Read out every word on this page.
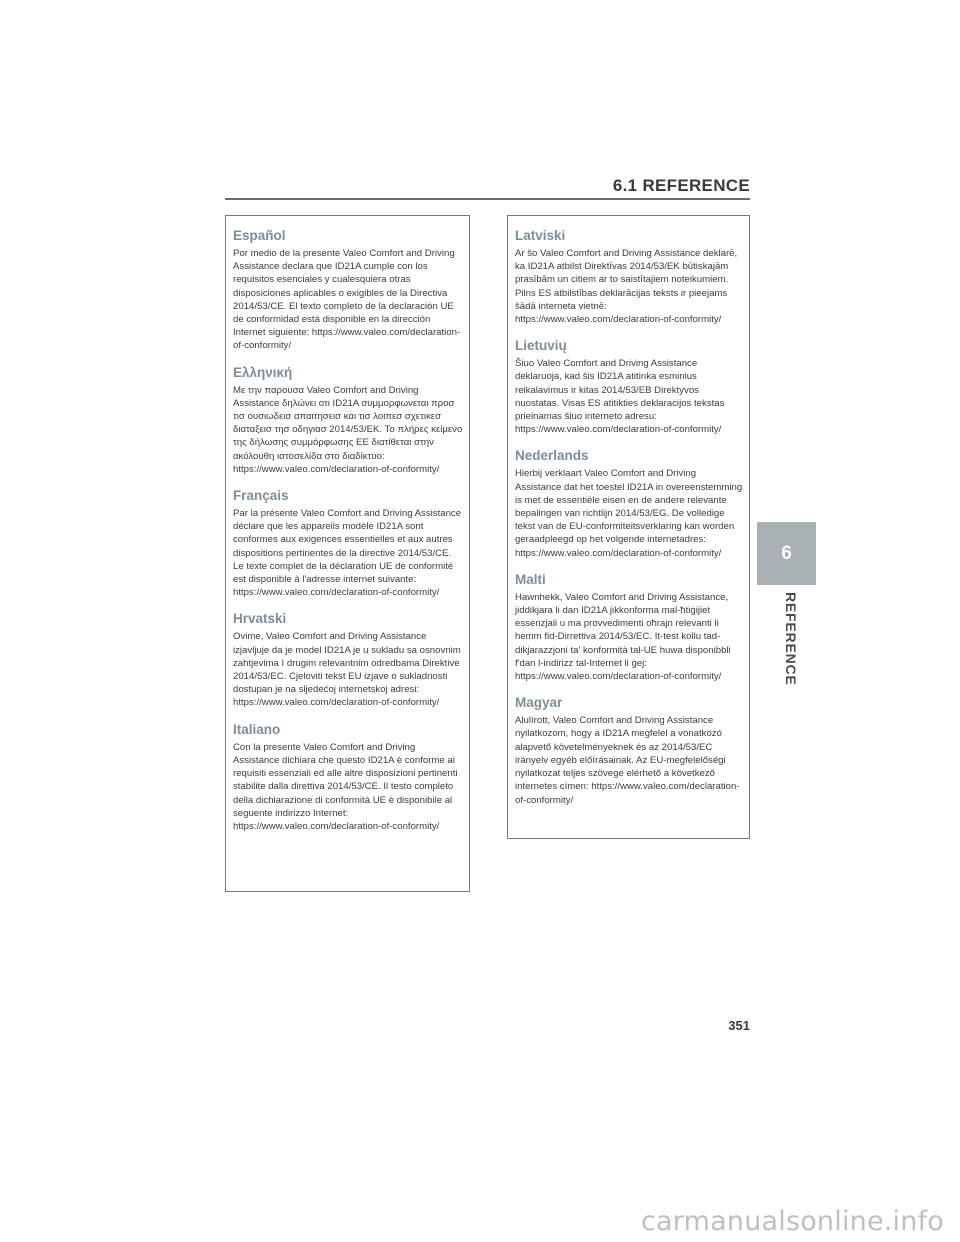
6.1 REFERENCE
Español

Por medio de la presente Valeo Comfort and Driving Assistance declara que ID21A cumple con los requisitos esenciales y cualesquiera otras disposiciones aplicables o exigibles de la Directiva 2014/53/CE. El texto completo de la declaración UE de conformidad está disponible en la dirección Internet siguiente: https://www.valeo.com/declaration-of-conformity/

Ελληνική

Με την παρουσα Valeo Comfort and Driving Assistance δηλώνει οτι ID21A συμμορφωνεται προσ τισ ουσιωδεισ απαιτησεισ και τισ λοιπεσ σχετικεσ διαταξεισ τησ οδηγιασ 2014/53/ΕΚ. Το πλήρες κείμενο της δήλωσης συμμόρφωσης ΕΕ διατίθεται στην ακόλουθη ιστοσελίδα στο διαδίκτυο: https://www.valeo.com/declaration-of-conformity/

Français

Par la présente Valeo Comfort and Driving Assistance déclare que les appareils modèle ID21A sont conformes aux exigences essentielles et aux autres dispositions pertinentes de la directive 2014/53/CE. Le texte complet de la déclaration UE de conformité est disponible à l'adresse internet suivante: https://www.valeo.com/declaration-of-conformity/

Hrvatski

Ovime, Valeo Comfort and Driving Assistance izjavljuje da je model ID21A je u sukladu sa osnovnim zahtjevima I drugim relevantnim odredbama Direktive 2014/53/EC. Cjeloviti tekst EU izjave o sukladnosti dostupan je na sljedećoj internetskoj adresi: https://www.valeo.com/declaration-of-conformity/

Italiano

Con la presente Valeo Comfort and Driving Assistance dichiara che questo ID21A è conforme ai requisiti essenziali ed alle altre disposizioni pertinenti stabilite dalla direttiva 2014/53/CE. Il testo completo della dichiarazione di conformità UE è disponibile al seguente indirizzo Internet: https://www.valeo.com/declaration-of-conformity/

Latviski

Ar šo Valeo Comfort and Driving Assistance deklarē, ka ID21A atbilst Direktīvas 2014/53/EK būtiskajām prasībām un citiem ar to saistītajiem noteikumiem. Pilns ES atbilstības deklarācijas teksts ir pieejams šādā interneta vietnē: https://www.valeo.com/declaration-of-conformity/

Lietuvių

Šiuo Valeo Comfort and Driving Assistance deklaruoja, kad šis ID21A atitinka esminius reikalavimus ir kitas 2014/53/EB Direktyvos nuostatas. Visas ES atitikties deklaracijos tekstas prieinamas šiuo interneto adresu: https://www.valeo.com/declaration-of-conformity/

Nederlands

Hierbij verklaart Valeo Comfort and Driving Assistance dat het toestel ID21A in overeenstemming is met de essentiële eisen en de andere relevante bepalingen van richtlijn 2014/53/EG. De volledige tekst van de EU-conformiteitsverklaring kan worden geraadpleegd op het volgende internetadres: https://www.valeo.com/declaration-of-conformity/

Malti

Hawnhekk, Valeo Comfort and Driving Assistance, jiddikjara li dan ID21A jikkonforma mal-ħtiġijiet essenzjali u ma provvedimenti oħrajn relevanti li hemm fid-Dirrettiva 2014/53/EC. It-test kollu tad-dikjarazzjoni ta' konformità tal-UE huwa disponibbli f'dan l-indirizz tal-Internet li ġej: https://www.valeo.com/declaration-of-conformity/

Magyar

Alulírott, Valeo Comfort and Driving Assistance nyilatkozom, hogy a ID21A megfelel a vonatkozó alapvető követelményeknek és az 2014/53/EC irányelv egyéb előírásainak. Az EU-megfelelőségi nyilatkozat teljes szövege elérhető a következő internetes címen: https://www.valeo.com/declaration-of-conformity/

6
REFERENCE
351
carmanualsonline.info
